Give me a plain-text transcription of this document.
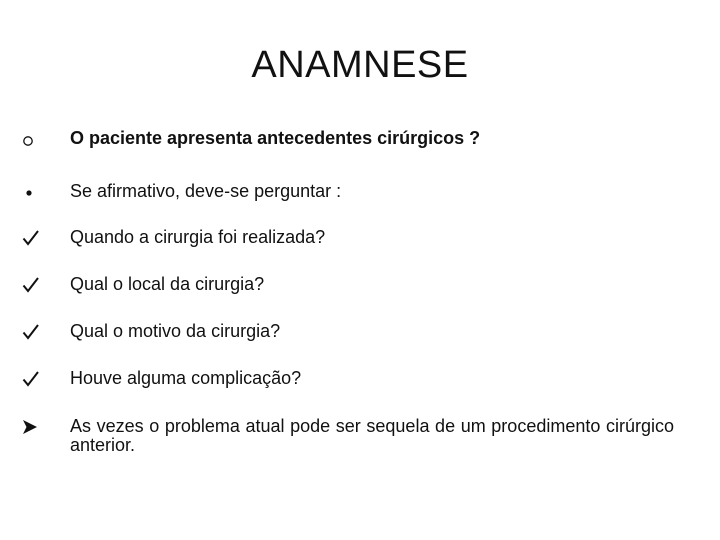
ANAMNESE
O paciente apresenta antecedentes cirúrgicos ?
Se afirmativo, deve-se perguntar :
Quando a cirurgia foi realizada?
Qual o local da cirurgia?
Qual o motivo da cirurgia?
Houve alguma complicação?
As vezes o problema atual pode ser sequela de um procedimento cirúrgico anterior.
